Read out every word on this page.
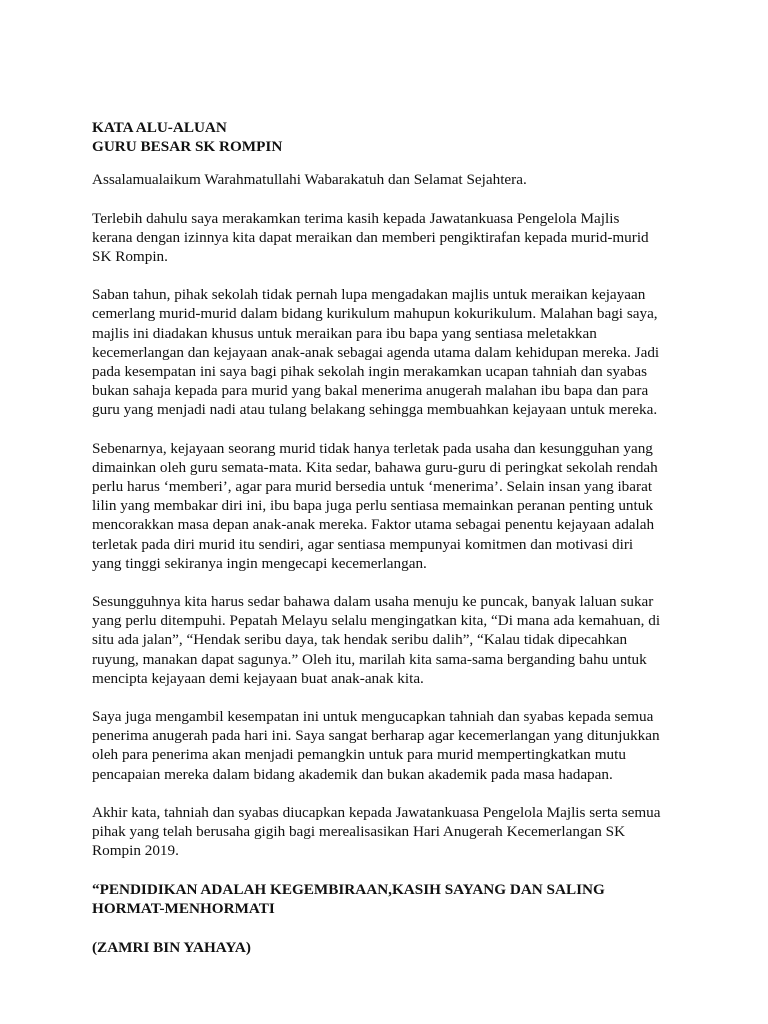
KATA ALU-ALUAN
GURU BESAR SK ROMPIN

Assalamualaikum Warahmatullahi Wabarakatuh dan Selamat Sejahtera.

Terlebih dahulu saya merakamkan terima kasih kepada Jawatankuasa Pengelola Majlis
kerana dengan izinnya kita dapat meraikan dan memberi pengiktirafan kepada murid-murid
SK Rompin.

Saban tahun, pihak sekolah tidak pernah lupa mengadakan majlis untuk meraikan kejayaan
cemerlang murid-murid dalam bidang kurikulum mahupun kokurikulum. Malahan bagi saya,
majlis ini diadakan khusus untuk meraikan para ibu bapa yang sentiasa meletakkan
kecemerlangan dan kejayaan anak-anak sebagai agenda utama dalam kehidupan mereka. Jadi
pada kesempatan ini saya bagi pihak sekolah ingin merakamkan ucapan tahniah dan syabas
bukan sahaja kepada para murid yang bakal menerima anugerah malahan ibu bapa dan para
guru yang menjadi nadi atau tulang belakang sehingga membuahkan kejayaan untuk mereka.

Sebenarnya, kejayaan seorang murid tidak hanya terletak pada usaha dan kesungguhan yang
dimainkan oleh guru semata-mata. Kita sedar, bahawa guru-guru di peringkat sekolah rendah
perlu harus ‘memberi’, agar para murid bersedia untuk ‘menerima’. Selain insan yang ibarat
lilin yang membakar diri ini, ibu bapa juga perlu sentiasa memainkan peranan penting untuk
mencorakkan masa depan anak-anak mereka. Faktor utama sebagai penentu kejayaan adalah
terletak pada diri murid itu sendiri, agar sentiasa mempunyai komitmen dan motivasi diri
yang tinggi sekiranya ingin mengecapi kecemerlangan.

Sesungguhnya kita harus sedar bahawa dalam usaha menuju ke puncak, banyak laluan sukar
yang perlu ditempuhi. Pepatah Melayu selalu mengingatkan kita, “Di mana ada kemahuan, di
situ ada jalan”, “Hendak seribu daya, tak hendak seribu dalih”, “Kalau tidak dipecahkan
ruyung, manakan dapat sagunya.” Oleh itu, marilah kita sama-sama berganding bahu untuk
mencipta kejayaan demi kejayaan buat anak-anak kita.

Saya juga mengambil kesempatan ini untuk mengucapkan tahniah dan syabas kepada semua
penerima anugerah pada hari ini. Saya sangat berharap agar kecemerlangan yang ditunjukkan
oleh para penerima akan menjadi pemangkin untuk para murid mempertingkatkan mutu
pencapaian mereka dalam bidang akademik dan bukan akademik pada masa hadapan.

Akhir kata, tahniah dan syabas diucapkan kepada Jawatankuasa Pengelola Majlis serta semua
pihak yang telah berusaha gigih bagi merealisasikan Hari Anugerah Kecemerlangan SK
Rompin 2019.

“PENDIDIKAN ADALAH KEGEMBIRAAN,KASIH SAYANG DAN SALING
HORMAT-MENHORMATI
(ZAMRI BIN YAHAYA)
